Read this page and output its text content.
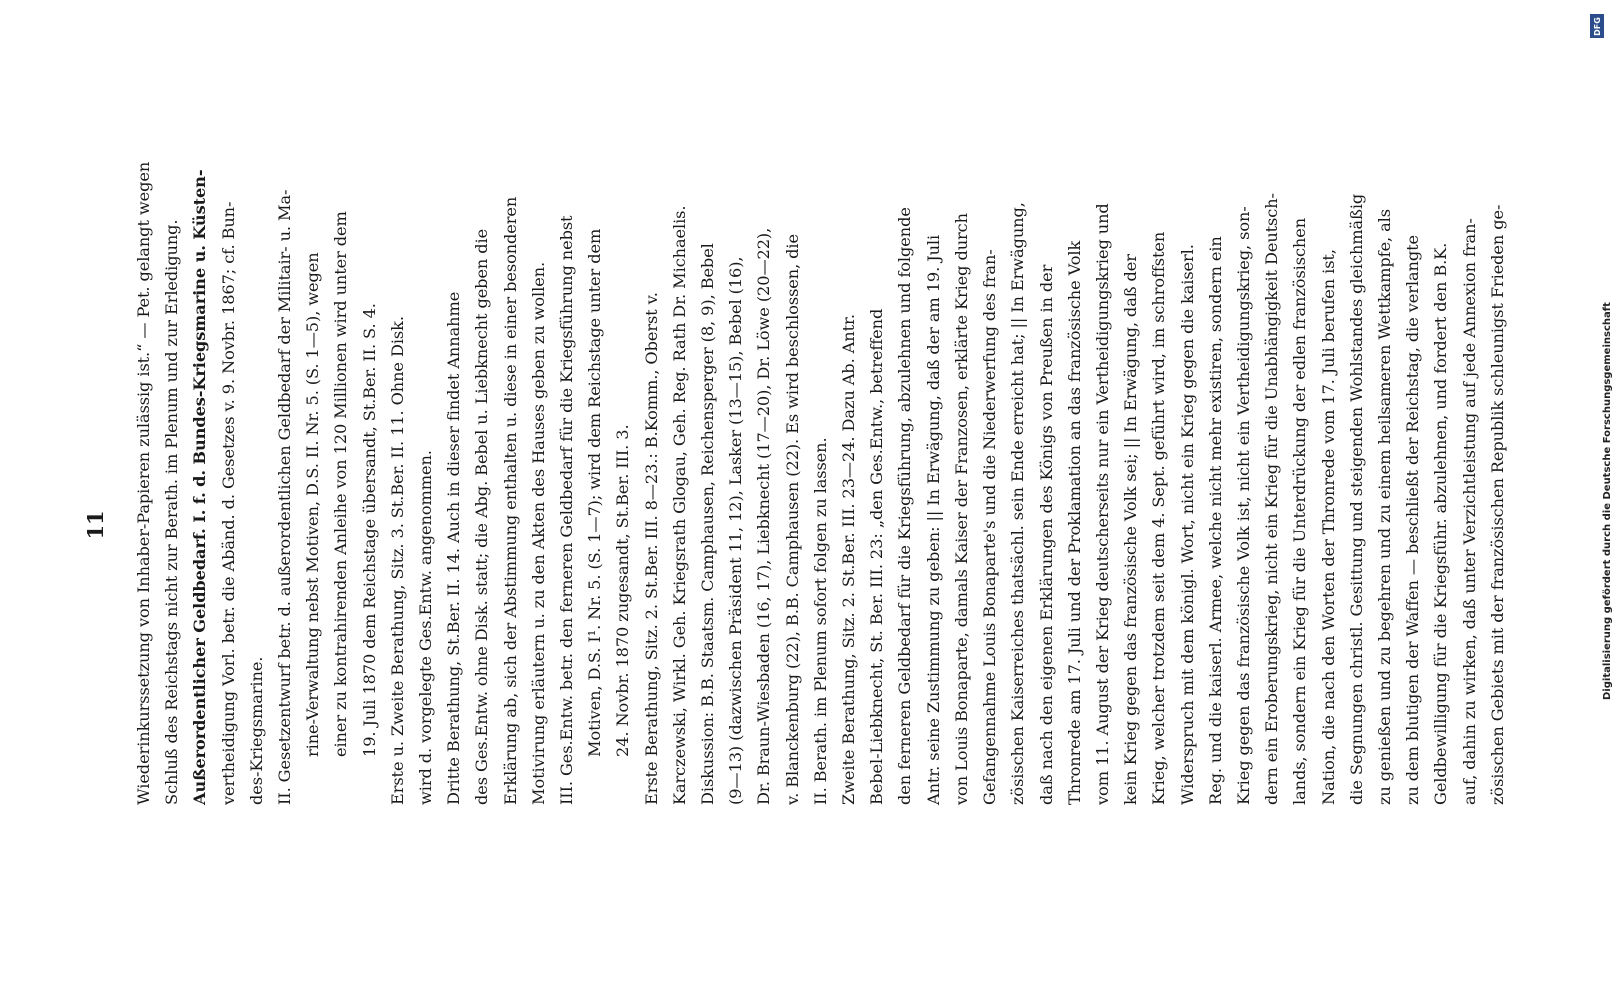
11 Wiederinkurssetzung von Inhaber-Papieren zulässig ist.“ — Pet. gelangt wegen Schluß des Reichstags nicht zur Berath. im Plenum und zur Erledigung. Außerordentlicher Geldbedarf. I. f. d. Bundes-Kriegsmarine u. Küsten- vertheidigung Vorl. betr. die Abänd. d. Gesetzes v. 9. Novbr. 1867; cf. Bun- des-Kriegsmarine. II. Gesetzentwurf betr. d. außerordentlichen Geldbedarf der Militair- u. Ma- rine-Verwaltung nebst Motiven, D.S. II. Nr. 5. (S. 1—5), wegen einer zu kontrahirenden Anleihe von 120 Millionen wird unter dem 19. Juli 1870 dem Reichstage übersandt, St.Ber. II. S. 4. Erste u. Zweite Berathung, Sitz. 3. St.Ber. II. 11. Ohne Disk. wird d. vorgelegte Ges.Entw. angenommen. Dritte Berathung, St.Ber. II. 14. Auch in dieser findet Annahme des Ges.Entw. ohne Disk. statt; die Abg. Bebel u. Liebknecht geben die Erklärung ab, sich der Abstimmung enthalten u. diese in einer besonderen Motivirung erläutern u. zu den Akten des Hauses geben zu wollen. III. Ges.Entw. betr. den ferneren Geldbedarf für die Kriegsführung nebst Motiven, D.S. I¹. Nr. 5. (S. 1—7); wird dem Reichstage unter dem 24. Novbr. 1870 zugesandt, St.Ber. III. 3. Erste Berathung, Sitz. 2. St.Ber. III. 8—23.: B.Komm., Oberst v. Karczewski, Wirkl. Geh. Kriegsrath Glogau, Geh. Reg. Rath Dr. Michaelis. Diskussion: B.B. Staatsm. Camphausen, Reichensperger (8, 9), Bebel (9—13) (dazwischen Präsident 11, 12), Lasker (13—15), Bebel (16), Dr. Braun-Wiesbaden (16, 17), Liebknecht (17—20), Dr. Löwe (20—22), v. Blanckenburg (22), B.B. Camphausen (22). Es wird beschlossen, die II. Berath. im Plenum sofort folgen zu lassen. Zweite Berathung, Sitz. 2. St.Ber. III. 23—24. Dazu Ab. Antr. Bebel-Liebknecht, St. Ber. III. 23: „den Ges.Entw., betreffend den ferneren Geldbedarf für die Kriegsführung, abzulehnen und folgende Antr. seine Zustimmung zu geben: || In Erwägung, daß der am 19. Juli von Louis Bonaparte, damals Kaiser der Franzosen, erklärte Krieg durch Gefangennahme Louis Bonaparte's und die Niederwerfung des fran- zösischen Kaiserreiches thatsächl. sein Ende erreicht hat; || In Erwägung, daß nach den eigenen Erklärungen des Königs von Preußen in der Thronrede am 17. Juli und der Proklamation an das französische Volk vom 11. August der Krieg deutscherseits nur ein Vertheidigungskrieg und kein Krieg gegen das französische Volk sei; || In Erwägung, daß der Krieg, welcher trotzdem seit dem 4. Sept. geführt wird, im schroffsten Widerspruch mit dem königl. Wort, nicht ein Krieg gegen die kaiserl. Reg. und die kaiserl. Armee, welche nicht mehr existiren, sondern ein Krieg gegen das französische Volk ist, nicht ein Vertheidigungskrieg, son- dern ein Eroberungskrieg, nicht ein Krieg für die Unabhängigkeit Deutsch- lands, sondern ein Krieg für die Unterdrückung der edlen französischen Nation, die nach den Worten der Thronrede vom 17. Juli berufen ist, die Segnungen christl. Gesittung und steigenden Wohlstandes gleichmäßig zu genießen und zu begehren und zu einem heilsameren Wettkampfe, als zu dem blutigen der Waffen — beschließt der Reichstag, die verlangte Geldbewilligung für die Kriegsführ. abzulehnen, und fordert den B.K. auf, dahin zu wirken, daß unter Verzichtleistung auf jede Annexion fran- zösischen Gebiets mit der französischen Republik schleunigst Frieden ge-	Digitalisierung gefördert durch die Deutsche Forschungsgemeinschaft
DFG
